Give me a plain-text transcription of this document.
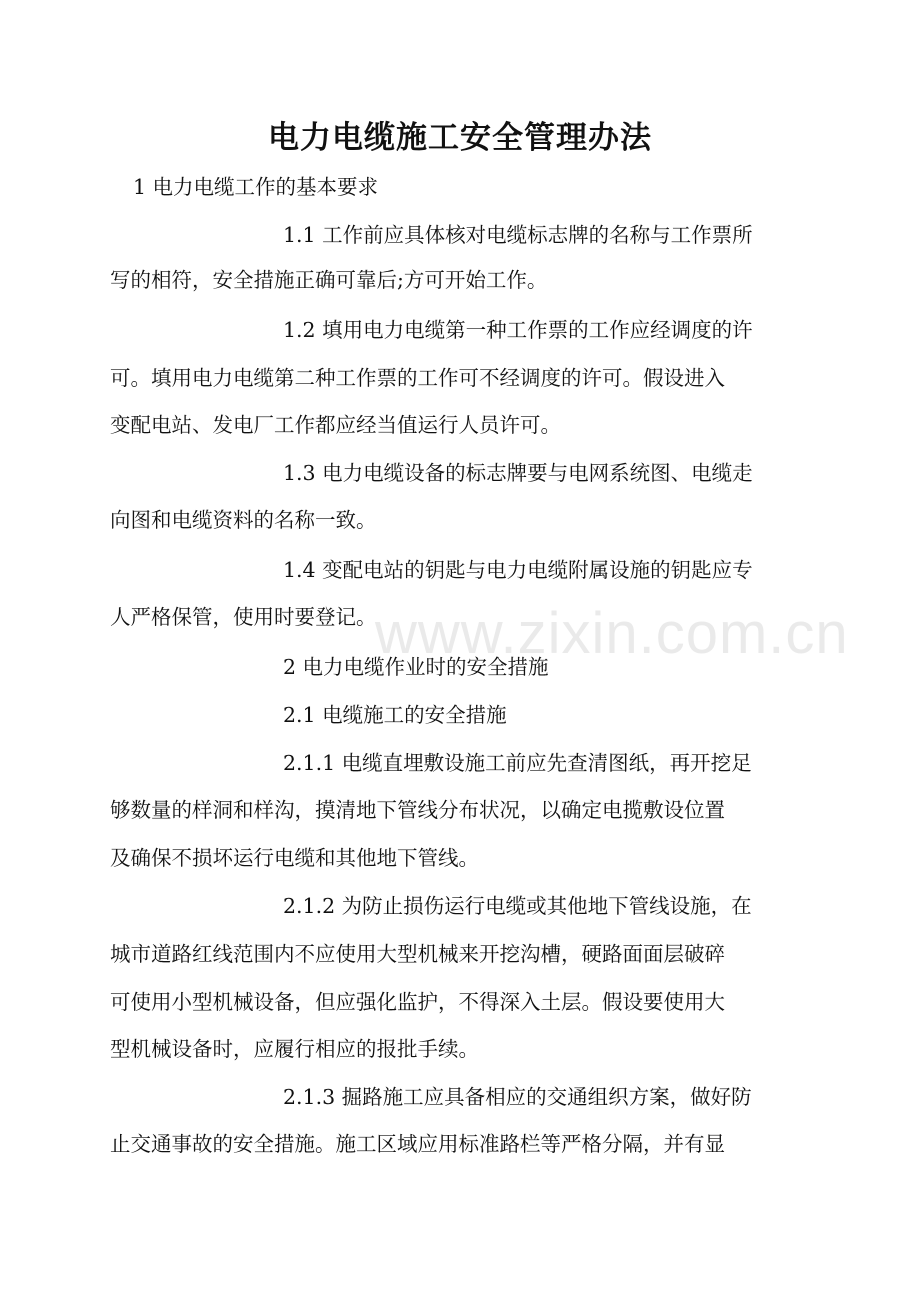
电力电缆施工安全管理办法

1 电力电缆工作的基本要求

1.1 工作前应具体核对电缆标志牌的名称与工作票所

写的相符，安全措施正确可靠后;方可开始工作。

1.2 填用电力电缆第一种工作票的工作应经调度的许

可。填用电力电缆第二种工作票的工作可不经调度的许可。假设进入

变配电站、发电厂工作都应经当值运行人员许可。

1.3 电力电缆设备的标志牌要与电网系统图、电缆走

向图和电缆资料的名称一致。

1.4 变配电站的钥匙与电力电缆附属设施的钥匙应专

人严格保管，使用时要登记。

2 电力电缆作业时的安全措施

2.1 电缆施工的安全措施

2.1.1 电缆直埋敷设施工前应先查清图纸，再开挖足

够数量的样洞和样沟，摸清地下管线分布状况，以确定电揽敷设位置

及确保不损坏运行电缆和其他地下管线。

2.1.2 为防止损伤运行电缆或其他地下管线设施，在

城市道路红线范围内不应使用大型机械来开挖沟槽，硬路面面层破碎

可使用小型机械设备，但应强化监护，不得深入土层。假设要使用大

型机械设备时，应履行相应的报批手续。

2.1.3 掘路施工应具备相应的交通组织方案，做好防

止交通事故的安全措施。施工区域应用标准路栏等严格分隔，并有显

www.zixin.com.cn
